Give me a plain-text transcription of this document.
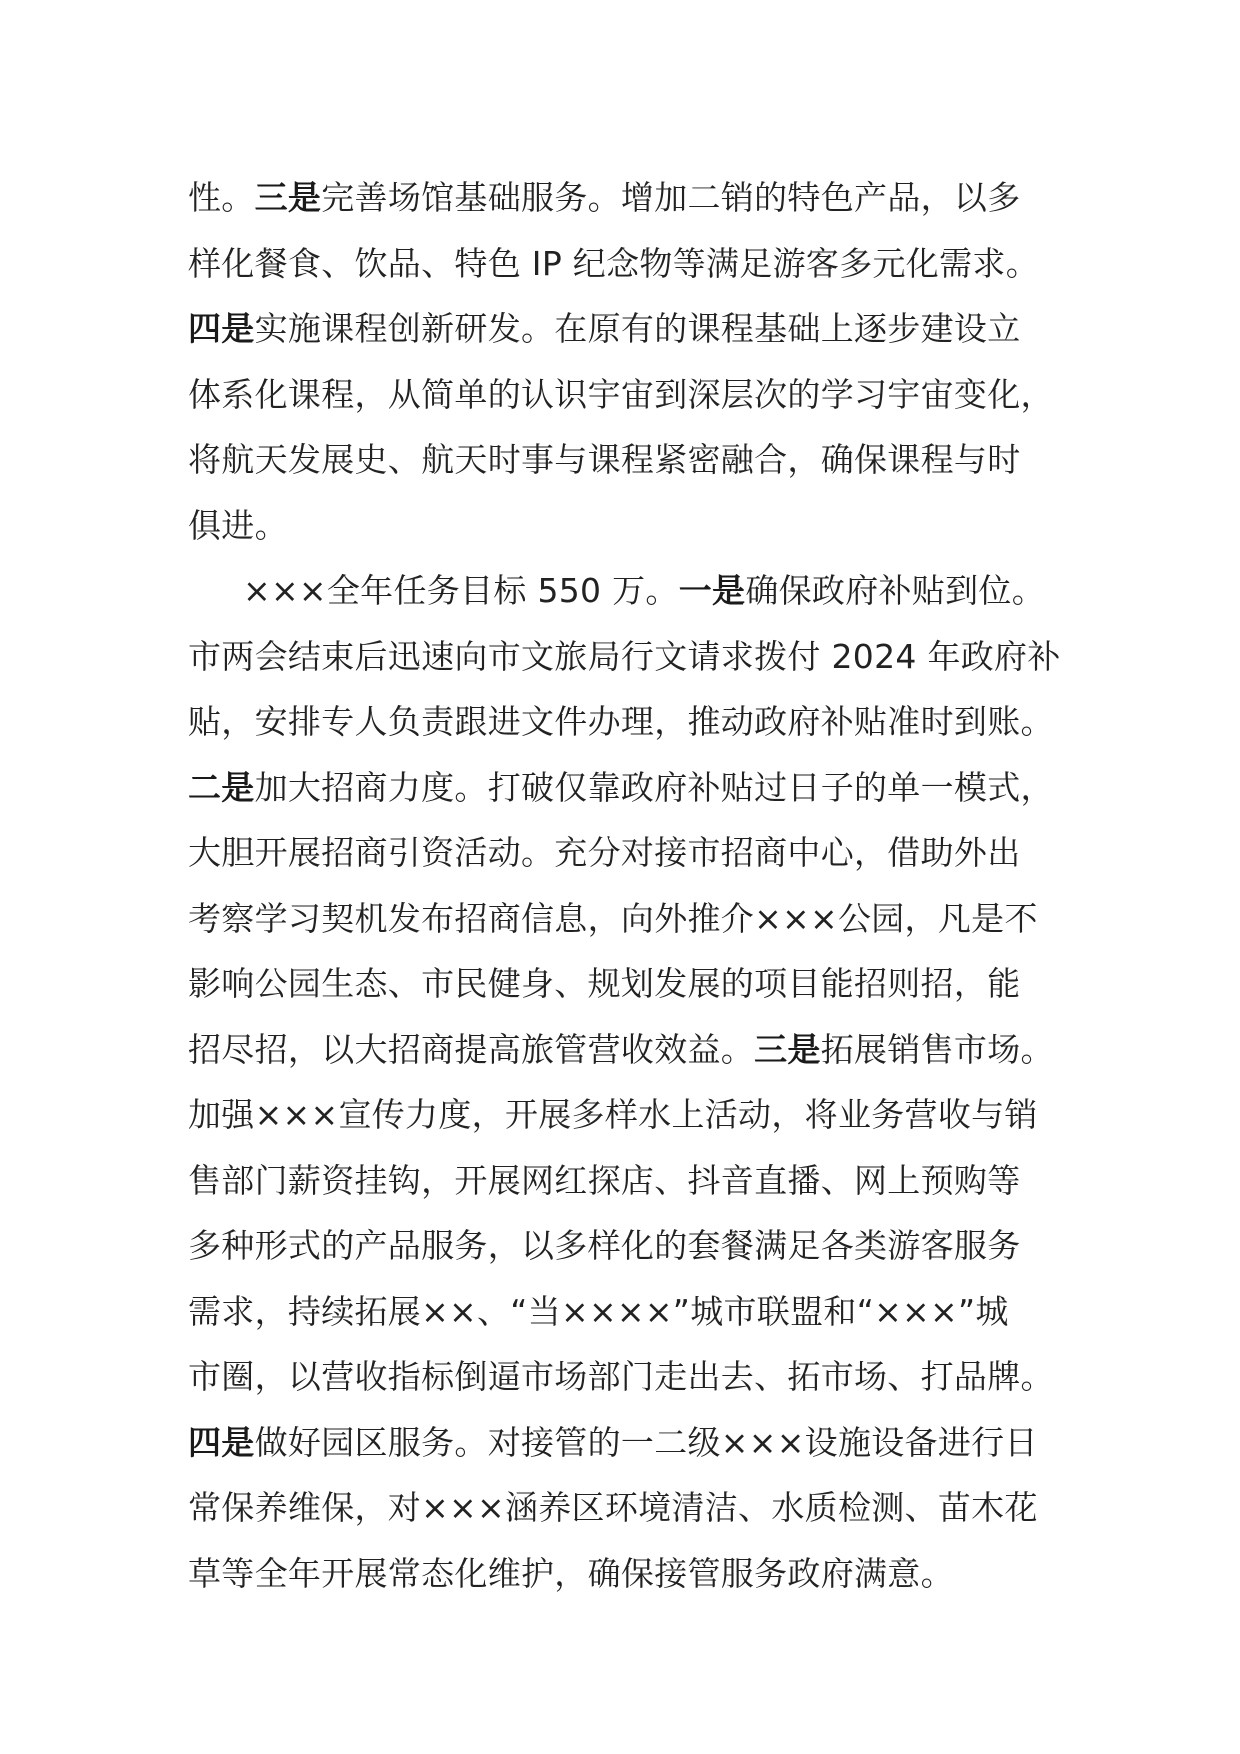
性。三是完善场馆基础服务。增加二销的特色产品，以多
样化餐食、饮品、特色 IP 纪念物等满足游客多元化需求。
四是实施课程创新研发。在原有的课程基础上逐步建设立
体系化课程，从简单的认识宇宙到深层次的学习宇宙变化，
将航天发展史、航天时事与课程紧密融合，确保课程与时
俱进。
×××全年任务目标 550 万。一是确保政府补贴到位。
市两会结束后迅速向市文旅局行文请求拨付 2024 年政府补
贴，安排专人负责跟进文件办理，推动政府补贴准时到账。
二是加大招商力度。打破仅靠政府补贴过日子的单一模式，
大胆开展招商引资活动。充分对接市招商中心，借助外出
考察学习契机发布招商信息，向外推介×××公园，凡是不
影响公园生态、市民健身、规划发展的项目能招则招，能
招尽招，以大招商提高旅管营收效益。三是拓展销售市场。
加强×××宣传力度，开展多样水上活动，将业务营收与销
售部门薪资挂钩，开展网红探店、抖音直播、网上预购等
多种形式的产品服务，以多样化的套餐满足各类游客服务
需求，持续拓展××、“当××××”城市联盟和“×××”城
市圈，以营收指标倒逼市场部门走出去、拓市场、打品牌。
四是做好园区服务。对接管的一二级×××设施设备进行日
常保养维保，对×××涵养区环境清洁、水质检测、苗木花
草等全年开展常态化维护，确保接管服务政府满意。
